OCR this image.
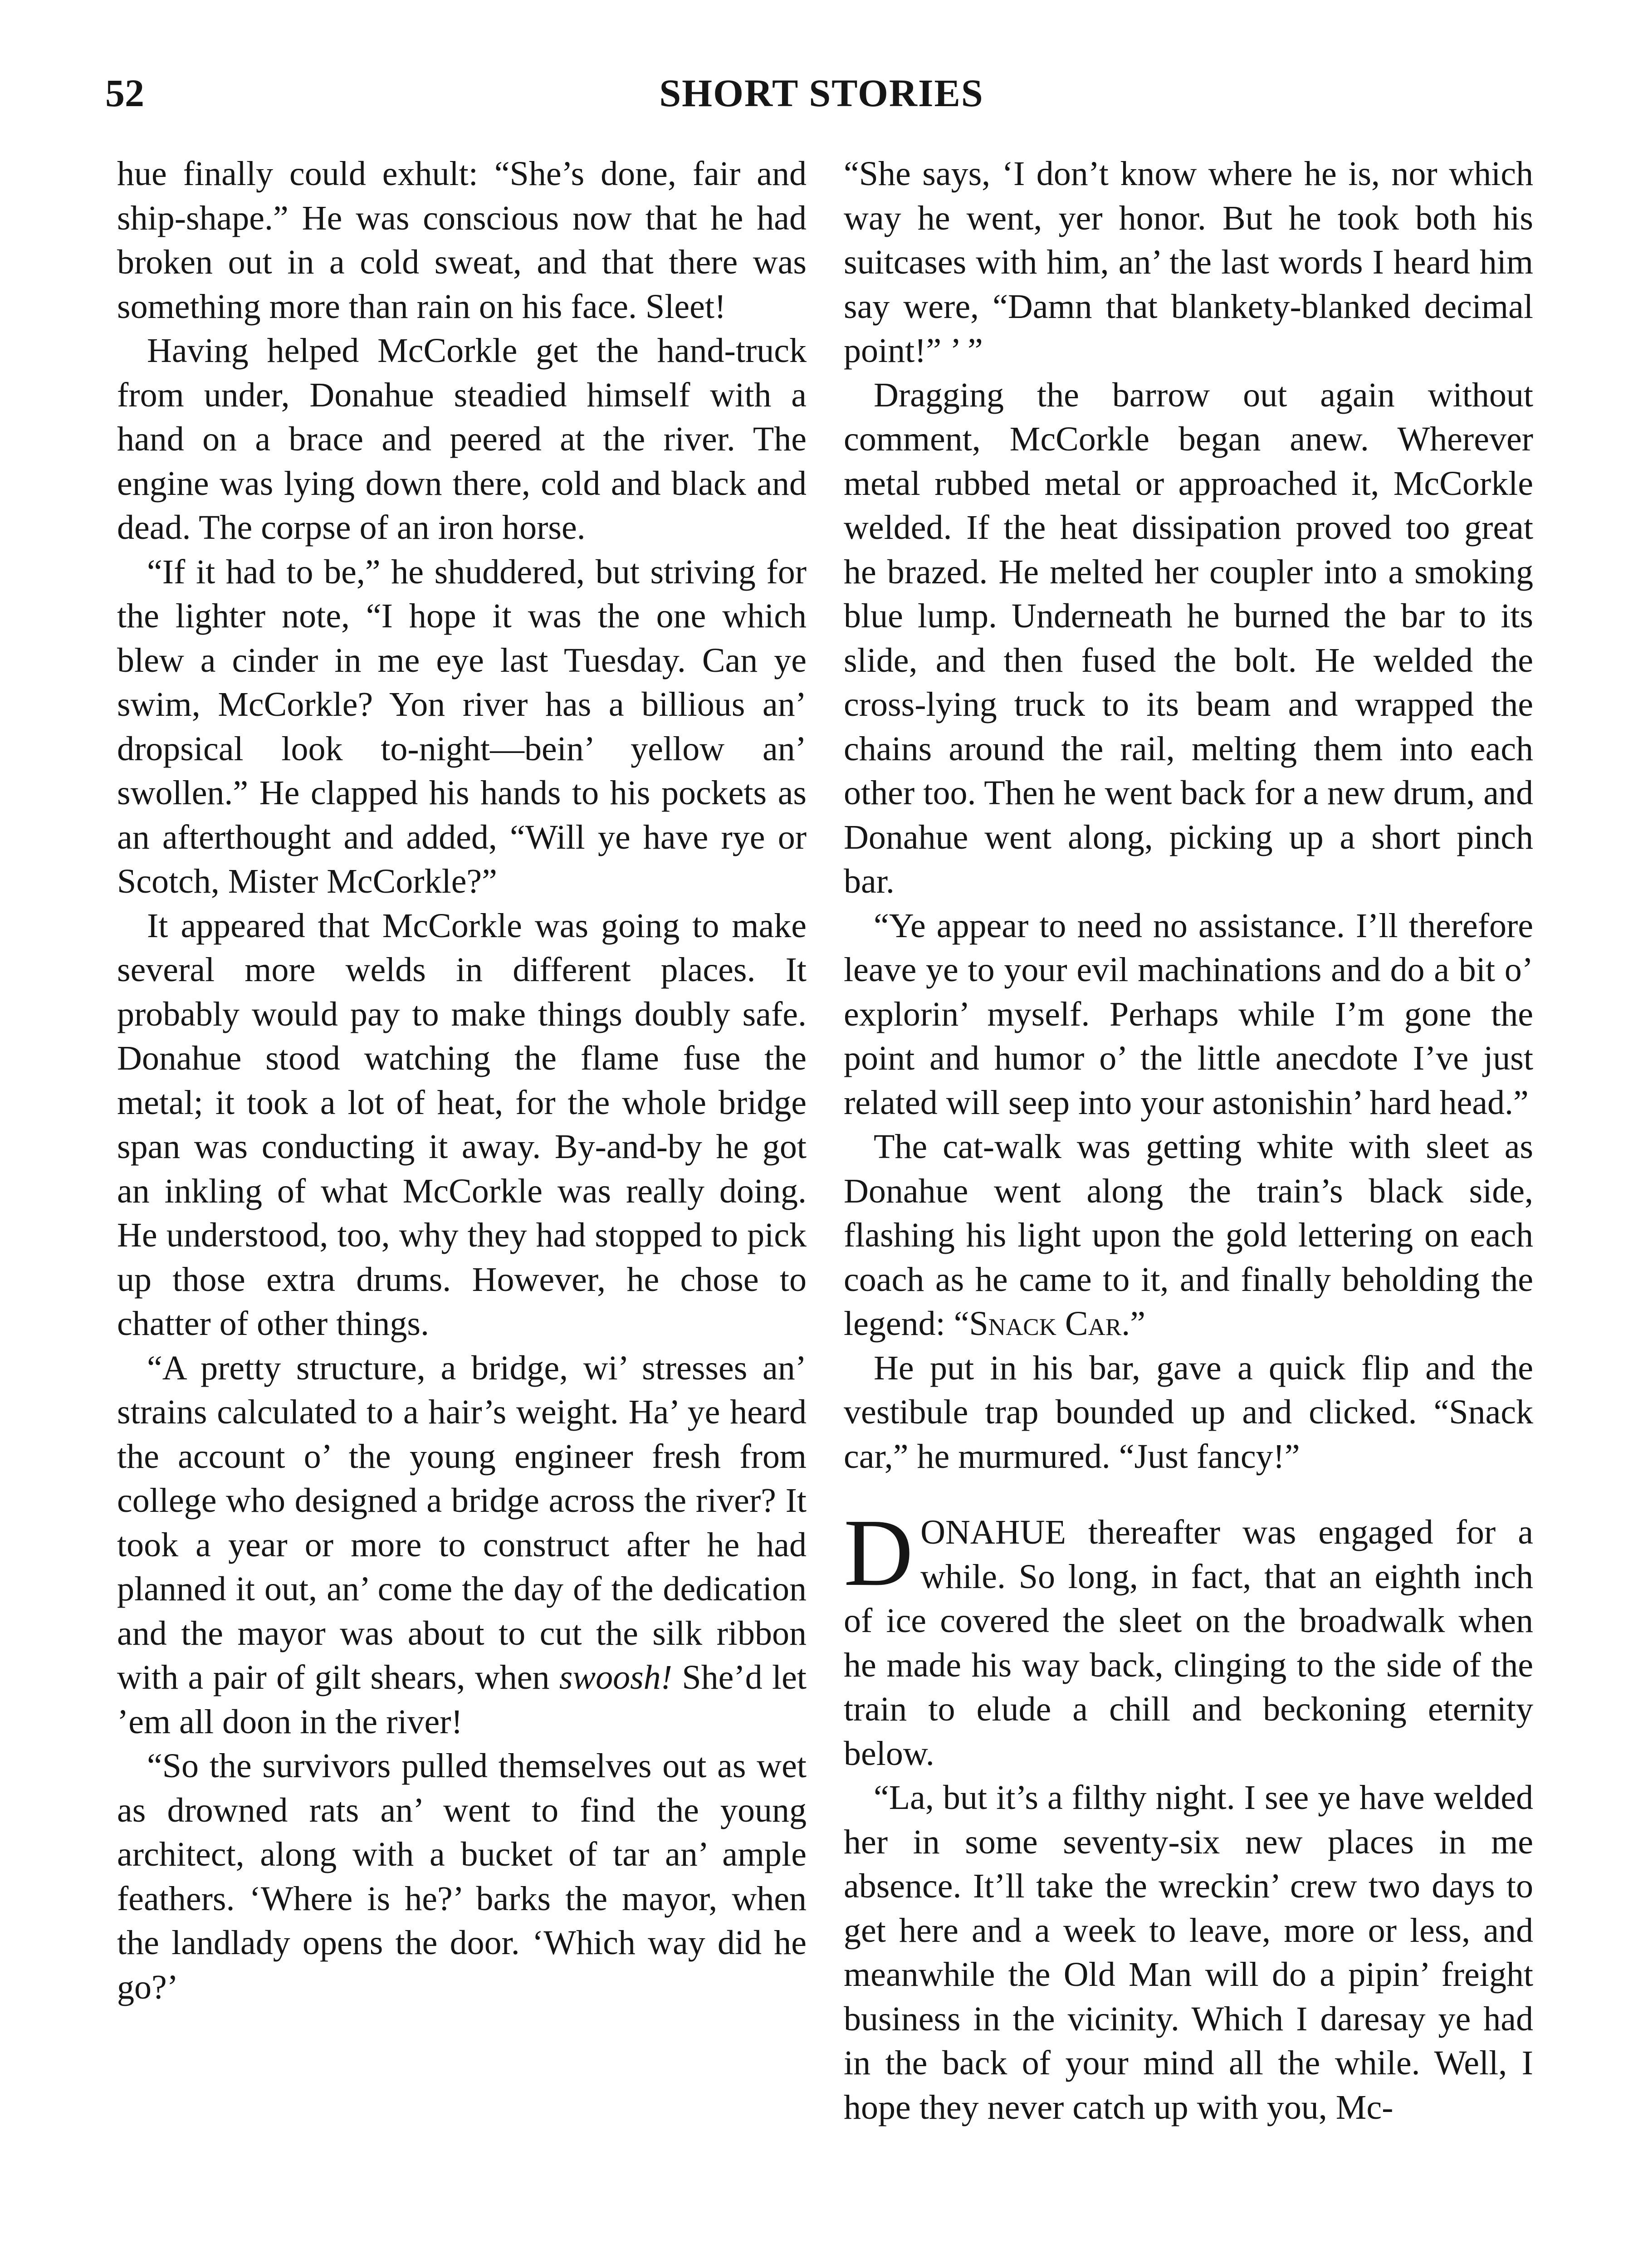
52	SHORT STORIES

hue finally could exhult: “She’s done, fair and ship-shape.” He was conscious now that he had broken out in a cold sweat, and that there was something more than rain on his face. Sleet!

Having helped McCorkle get the hand-truck from under, Donahue steadied himself with a hand on a brace and peered at the river. The engine was lying down there, cold and black and dead. The corpse of an iron horse.

“If it had to be,” he shuddered, but striving for the lighter note, “I hope it was the one which blew a cinder in me eye last Tuesday. Can ye swim, McCorkle? Yon river has a billious an’ dropsical look to-night—bein’ yellow an’ swollen.” He clapped his hands to his pockets as an afterthought and added, “Will ye have rye or Scotch, Mister McCorkle?”

It appeared that McCorkle was going to make several more welds in different places. It probably would pay to make things doubly safe. Donahue stood watching the flame fuse the metal; it took a lot of heat, for the whole bridge span was conducting it away. By-and-by he got an inkling of what McCorkle was really doing. He understood, too, why they had stopped to pick up those extra drums. However, he chose to chatter of other things.

“A pretty structure, a bridge, wi’ stresses an’ strains calculated to a hair’s weight. Ha’ ye heard the account o’ the young engineer fresh from college who designed a bridge across the river? It took a year or more to construct after he had planned it out, an’ come the day of the dedication and the mayor was about to cut the silk ribbon with a pair of gilt shears, when swoosh! She’d let ’em all doon in the river!

“So the survivors pulled themselves out as wet as drowned rats an’ went to find the young architect, along with a bucket of tar an’ ample feathers. ‘Where is he?’ barks the mayor, when the landlady opens the door. ‘Which way did he go?’

“She says, ‘I don’t know where he is, nor which way he went, yer honor. But he took both his suitcases with him, an’ the last words I heard him say were, “Damn that blankety-blanked decimal point!” ’ ”

Dragging the barrow out again without comment, McCorkle began anew. Wherever metal rubbed metal or approached it, McCorkle welded. If the heat dissipation proved too great he brazed. He melted her coupler into a smoking blue lump. Underneath he burned the bar to its slide, and then fused the bolt. He welded the cross-lying truck to its beam and wrapped the chains around the rail, melting them into each other too. Then he went back for a new drum, and Donahue went along, picking up a short pinch bar.

“Ye appear to need no assistance. I’ll therefore leave ye to your evil machinations and do a bit o’ explorin’ myself. Perhaps while I’m gone the point and humor o’ the little anecdote I’ve just related will seep into your astonishin’ hard head.”

The cat-walk was getting white with sleet as Donahue went along the train’s black side, flashing his light upon the gold lettering on each coach as he came to it, and finally beholding the legend: “Snack Car.”

He put in his bar, gave a quick flip and the vestibule trap bounded up and clicked. “Snack car,” he murmured. “Just fancy!”

DONAHUE thereafter was engaged for a while. So long, in fact, that an eighth inch of ice covered the sleet on the broadwalk when he made his way back, clinging to the side of the train to elude a chill and beckoning eternity below.

“La, but it’s a filthy night. I see ye have welded her in some seventy-six new places in me absence. It’ll take the wreckin’ crew two days to get here and a week to leave, more or less, and meanwhile the Old Man will do a pipin’ freight business in the vicinity. Which I daresay ye had in the back of your mind all the while. Well, I hope they never catch up with you, Mc-
